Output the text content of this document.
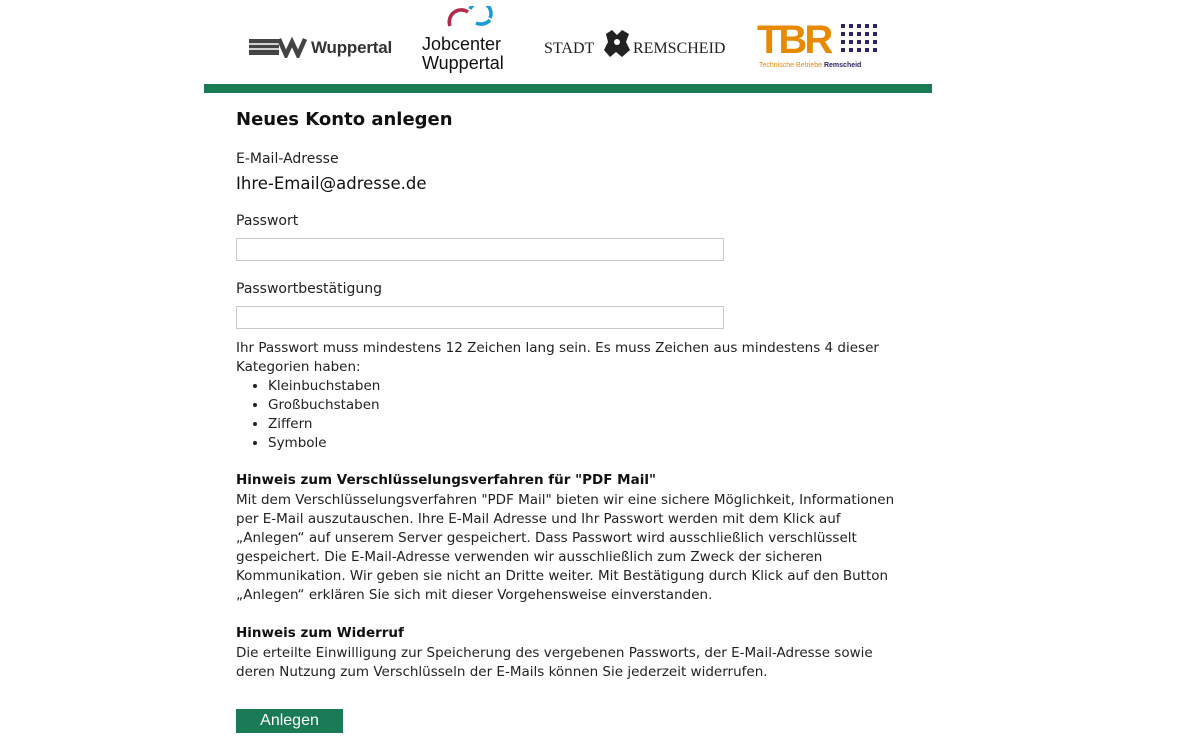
Wuppertal Jobcenter
Wuppertal
STADT REMSCHEID TBR
Technische Betriebe Remscheid
Neues Konto anlegen
E-Mail-Adresse
Ihre-Email@adresse.de
Passwort
Passwortbestätigung
Ihr Passwort muss mindestens 12 Zeichen lang sein. Es muss Zeichen aus mindestens 4 dieser Kategorien haben:
• Kleinbuchstaben
• Großbuchstaben
• Ziffern
• Symbole
Hinweis zum Verschlüsselungsverfahren für "PDF Mail"
Mit dem Verschlüsselungsverfahren "PDF Mail" bieten wir eine sichere Möglichkeit, Informationen per E-Mail auszutauschen. Ihre E-Mail Adresse und Ihr Passwort werden mit dem Klick auf „Anlegen“ auf unserem Server gespeichert. Dass Passwort wird ausschließlich verschlüsselt gespeichert. Die E-Mail-Adresse verwenden wir ausschließlich zum Zweck der sicheren Kommunikation. Wir geben sie nicht an Dritte weiter. Mit Bestätigung durch Klick auf den Button „Anlegen“ erklären Sie sich mit dieser Vorgehensweise einverstanden.
Hinweis zum Widerruf
Die erteilte Einwilligung zur Speicherung des vergebenen Passworts, der E-Mail-Adresse sowie deren Nutzung zum Verschlüsseln der E-Mails können Sie jederzeit widerrufen.
Anlegen
